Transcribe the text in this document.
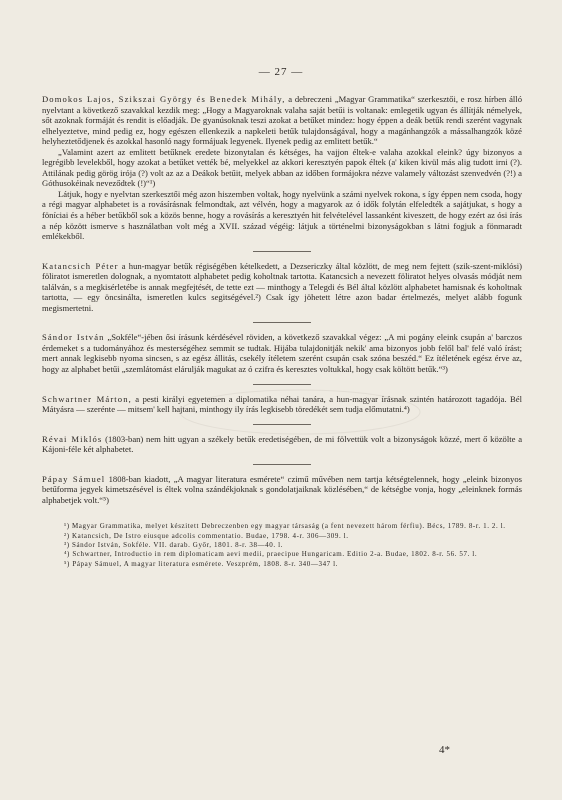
— 27 —

Domokos Lajos, Szikszai György és Benedek Mihály, a debreczeni „Magyar Grammatika“ szerkesztői, e rosz hírben álló nyelvtant a következő szavakkal kezdik meg: „Hogy a Magyaroknak valaha saját betűi is voltanak: emlegetik ugyan és állítják némelyek, sőt azoknak formáját és rendit is előadják. De gyanúsoknak teszi azokat a betűket mindez: hogy éppen a deák betűk rendi szerént vagynak elhelyeztetve, mind pedig ez, hogy egészen ellenkezik a napkeleti betűk tulajdonságával, hogy a magánhangzók a mássalhangzók közé helyheztetődjenek és azokkal hasonló nagy formájuak legyenek. Ilyenek pedig az emlitett betűk.“

„Valamint azert az emlitett betűknek eredete bizonytalan és kétséges, ha vajjon éltek-e valaha azokkal eleink? úgy bizonyos a legrégibb levelekből, hogy azokat a betűket vették bé, melyekkel az akkori keresztyén papok éltek (a' kiken kivül más alig tudott irni (?). Attilának pedig görög irója (?) volt az az a Deákok betűit, melyek abban az időben formájokra nézve valamely változást szenvedvén (?!) a Góthusokéinak neveződtek (!)“¹)

Látjuk, hogy e nyelvtan szerkesztői még azon hiszemben voltak, hogy nyelvünk a számi nyelvek rokona, s így éppen nem csoda, hogy a régi magyar alphabetet is a rovásírásnak felmondtak, azt vélvén, hogy a magyarok az ó idők folytán elfeledték a sajátjukat, s hogy a föníciai és a héber betűkből sok a közös benne, hogy a rovásírás a keresztyén hit felvételével lassanként kiveszett, de hogy ezért az ósi írás a nép között ismerve s használatban volt még a XVII. század végéig: látjuk a történelmi bizonyságokban s látni fogjuk a fönmaradt emlékekből.

Katancsich Péter a hun-magyar betűk régiségében kételkedett, a Dezsericzky által közlött, de meg nem fejtett (szik-szent-miklósi) föliratot ismeretlen dolognak, a nyomtatott alphabetet pedig koholtnak tartotta. Katancsich a nevezett föliratot helyes olvasás módját nem találván, s a megkisérletébe is annak megfejtését, de tette ezt — minthogy a Telegdi és Bél által közlött alphabetet hamisnak és koholtnak tartotta, — egy öncsináltа, ismeretlen kulcs segitségével.²) Csak így jöhetett létre azon badar értelmezés, melyet alább fogunk megismertetni.

Sándor István „Sokféle“-jében ősi írásunk kérdésével röviden, a következő szavakkal végez: „A mi pogány eleink csupán a' barczos érdemeket s a tudományához és mesterségéhez semmit se tudtak. Hijába tulajdonitják nekik' ama bizonyos jobb felől bal' felé való írást; mert annak legkisebb nyoma sincsen, s az egész állitás, csekély ítéletem szerént csupán csak szóna beszéd.“ Ez ítéletének egész érve az, hogy az alphabet betűi „szemlátomást elárulják magukat az ó czifra és keresztes voltukkal, hogy csak költött betűk.“³)

Schwartner Márton, a pesti királyi egyetemen a diplomatika néhai tanára, a hun-magyar írásnak szintén határozott tagadója. Bél Mátyásra — szerénte — mitsem' kell hajtani, minthogy ily írás legkisebb töredékét sem tudja előmutatni.⁴)

Révai Miklós (1803-ban) nem hitt ugyan a székely betűk eredetiségében, de mi fölvettük volt a bizonyságok közzé, mert ő közölte a Kájoni-féle két alphabetet.

Pápay Sámuel 1808-ban kiadott, „A magyar literatura esmérete“ czimű művében nem tartja kétségtelennek, hogy „eleink bizonyos betűforma jegyek kimetszésével is éltek volna szándékjoknak s gondolatjaiknak közlésében,“ de kétségbe vonja, hogy „eleinknek formás alphabetjek volt.“⁵)

¹) Magyar Grammatika, melyet készitett Debreczenben egy magyar társaság (a fent nevezett három férfiu). Bécs, 1789. 8-r. 1. 2. l.
²) Katancsich, De Istro eiusque adcolis commentatio. Budae, 1798. 4-r. 306—309. l.
³) Sándor István, Sokféle. VII. darab. Győr, 1801. 8-r. 38—40. l.
⁴) Schwartner, Introductio in rem diplomaticam aevi medii, praecipue Hungaricam. Editio 2-a. Budae, 1802. 8-r. 56. 57. l.
⁵) Pápay Sámuel, A magyar literatura esmérete. Veszprém, 1808. 8-r. 340—347 l.
4*
